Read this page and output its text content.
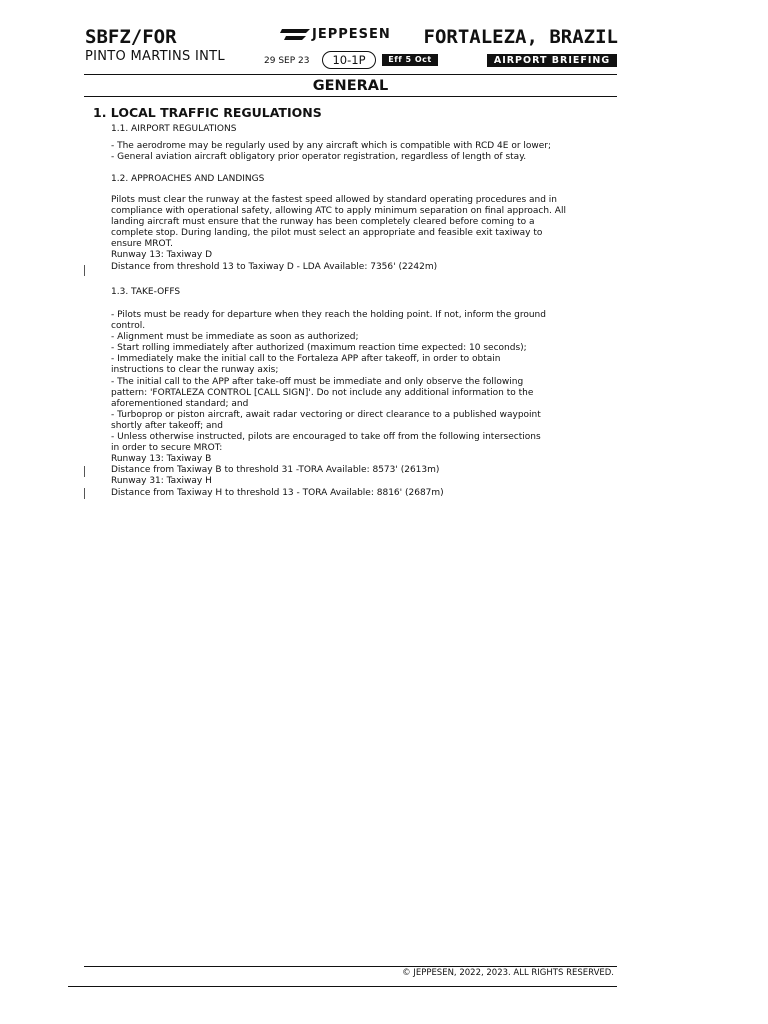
SBFZ/FOR
PINTO MARTINS INTL
JEPPESEN FORTALEZA, BRAZIL
29 SEP 23	10-1P	Eff 5 Oct	AIRPORT BRIEFING
GENERAL
1. LOCAL TRAFFIC REGULATIONS
1.1. AIRPORT REGULATIONS
- The aerodrome may be regularly used by any aircraft which is compatible with RCD 4E or lower;
- General aviation aircraft obligatory prior operator registration, regardless of length of stay.
1.2. APPROACHES AND LANDINGS
Pilots must clear the runway at the fastest speed allowed by standard operating procedures and in
compliance with operational safety, allowing ATC to apply minimum separation on final approach. All
landing aircraft must ensure that the runway has been completely cleared before coming to a
complete stop. During landing, the pilot must select an appropriate and feasible exit taxiway to
ensure MROT.
Runway 13: Taxiway D
Distance from threshold 13 to Taxiway D - LDA Available: 7356' (2242m)
1.3. TAKE-OFFS
- Pilots must be ready for departure when they reach the holding point. If not, inform the ground
control.
- Alignment must be immediate as soon as authorized;
- Start rolling immediately after authorized (maximum reaction time expected: 10 seconds);
- Immediately make the initial call to the Fortaleza APP after takeoff, in order to obtain
instructions to clear the runway axis;
- The initial call to the APP after take-off must be immediate and only observe the following
pattern: 'FORTALEZA CONTROL [CALL SIGN]'. Do not include any additional information to the
aforementioned standard; and
- Turboprop or piston aircraft, await radar vectoring or direct clearance to a published waypoint
shortly after takeoff; and
- Unless otherwise instructed, pilots are encouraged to take off from the following intersections
in order to secure MROT:
Runway 13: Taxiway B
Distance from Taxiway B to threshold 31 -TORA Available: 8573' (2613m)
Runway 31: Taxiway H
Distance from Taxiway H to threshold 13 - TORA Available: 8816' (2687m)
© JEPPESEN, 2022, 2023. ALL RIGHTS RESERVED.
